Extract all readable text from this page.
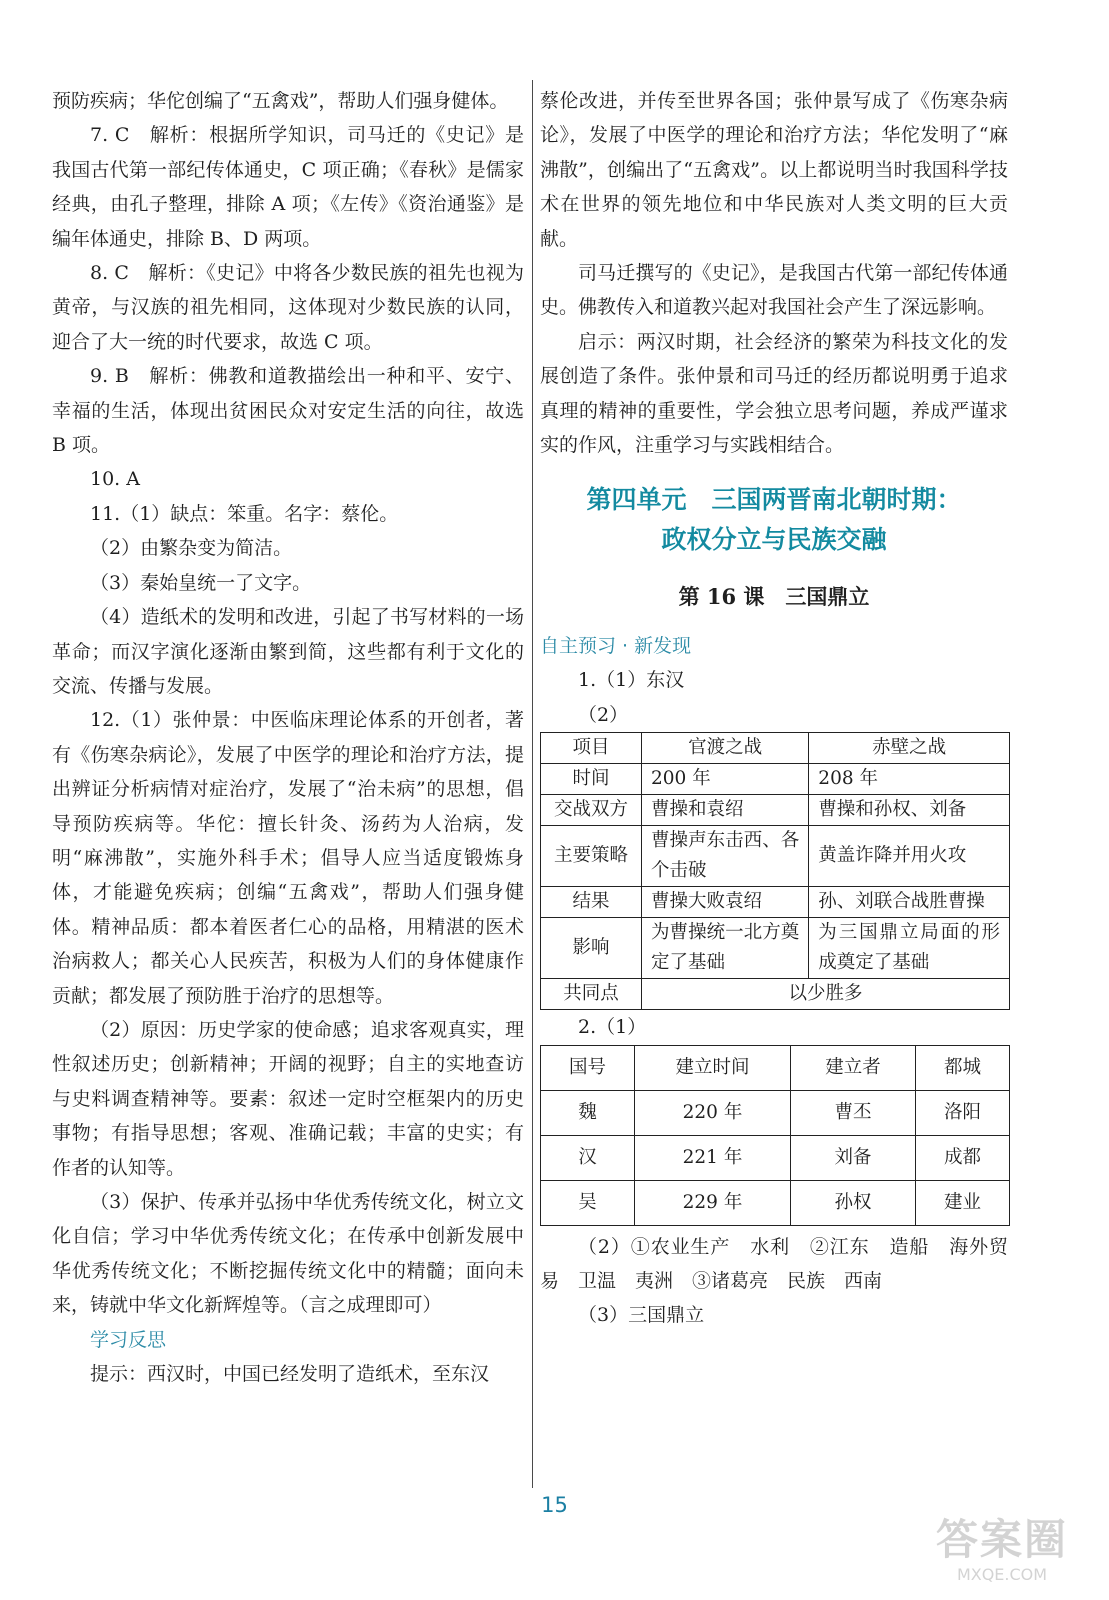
预防疾病；华佗创编了“五禽戏”，帮助人们强身健体。

7. C　解析：根据所学知识，司马迁的《史记》是我国古代第一部纪传体通史，C 项正确；《春秋》是儒家经典，由孔子整理，排除 A 项；《左传》《资治通鉴》是编年体通史，排除 B、D 两项。

8. C　解析：《史记》中将各少数民族的祖先也视为黄帝，与汉族的祖先相同，这体现对少数民族的认同，迎合了大一统的时代要求，故选 C 项。

9. B　解析：佛教和道教描绘出一种和平、安宁、幸福的生活，体现出贫困民众对安定生活的向往，故选 B 项。

10. A

11.（1）缺点：笨重。名字：蔡伦。

（2）由繁杂变为简洁。

（3）秦始皇统一了文字。

（4）造纸术的发明和改进，引起了书写材料的一场革命；而汉字演化逐渐由繁到简，这些都有利于文化的交流、传播与发展。

12.（1）张仲景：中医临床理论体系的开创者，著有《伤寒杂病论》，发展了中医学的理论和治疗方法，提出辨证分析病情对症治疗，发展了“治未病”的思想，倡导预防疾病等。华佗：擅长针灸、汤药为人治病，发明“麻沸散”，实施外科手术；倡导人应当适度锻炼身体，才能避免疾病；创编“五禽戏”，帮助人们强身健体。精神品质：都本着医者仁心的品格，用精湛的医术治病救人；都关心人民疾苦，积极为人们的身体健康作贡献；都发展了预防胜于治疗的思想等。

（2）原因：历史学家的使命感；追求客观真实，理性叙述历史；创新精神；开阔的视野；自主的实地查访与史料调查精神等。要素：叙述一定时空框架内的历史事物；有指导思想；客观、准确记载；丰富的史实；有作者的认知等。

（3）保护、传承并弘扬中华优秀传统文化，树立文化自信；学习中华优秀传统文化；在传承中创新发展中华优秀传统文化；不断挖掘传统文化中的精髓；面向未来，铸就中华文化新辉煌等。（言之成理即可）

学习反思

提示：西汉时，中国已经发明了造纸术，至东汉

蔡伦改进，并传至世界各国；张仲景写成了《伤寒杂病论》，发展了中医学的理论和治疗方法；华佗发明了“麻沸散”，创编出了“五禽戏”。以上都说明当时我国科学技术在世界的领先地位和中华民族对人类文明的巨大贡献。

司马迁撰写的《史记》，是我国古代第一部纪传体通史。佛教传入和道教兴起对我国社会产生了深远影响。

启示：两汉时期，社会经济的繁荣为科技文化的发展创造了条件。张仲景和司马迁的经历都说明勇于追求真理的精神的重要性，学会独立思考问题，养成严谨求实的作风，注重学习与实践相结合。

第四单元　三国两晋南北朝时期：
政权分立与民族交融
第 16 课　三国鼎立

自主预习 · 新发现

1.（1）东汉

（2）

项目	官渡之战	赤壁之战
时间	200 年	208 年
交战双方	曹操和袁绍	曹操和孙权、刘备
主要策略	曹操声东击西、各个击破	黄盖诈降并用火攻
结果	曹操大败袁绍	孙、刘联合战胜曹操
影响	为曹操统一北方奠定了基础	为三国鼎立局面的形成奠定了基础
共同点	以少胜多	

2.（1）

国号	建立时间	建立者	都城
魏	220 年	曹丕	洛阳
汉	221 年	刘备	成都
吴	229 年	孙权	建业

（2）①农业生产　水利　②江东　造船　海外贸易　卫温　夷洲　③诸葛亮　民族　西南

（3）三国鼎立

15
答案圈
MXQE.COM
